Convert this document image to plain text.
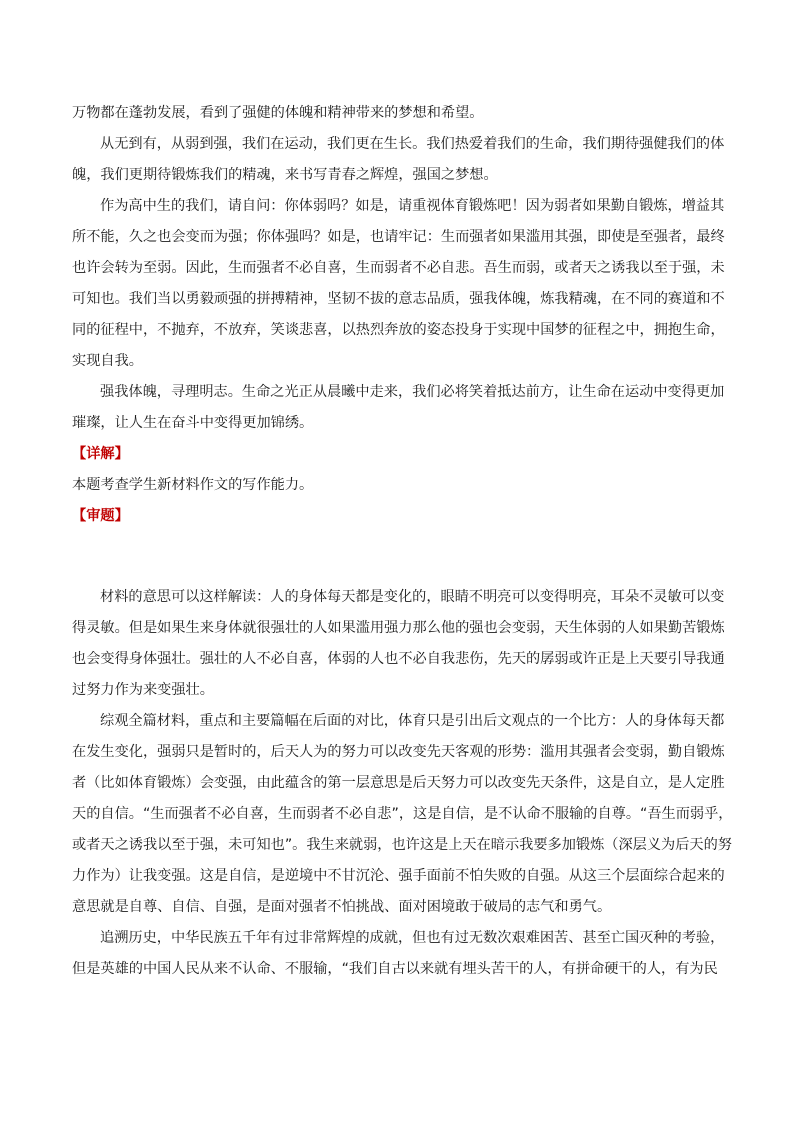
万物都在蓬勃发展，看到了强健的体魄和精神带来的梦想和希望。
从无到有，从弱到强，我们在运动，我们更在生长。我们热爱着我们的生命，我们期待强健我们的体
魄，我们更期待锻炼我们的精魂，来书写青春之辉煌，强国之梦想。
作为高中生的我们，请自问：你体弱吗？如是，请重视体育锻炼吧！因为弱者如果勤自锻炼，增益其
所不能，久之也会变而为强；你体强吗？如是，也请牢记：生而强者如果滥用其强，即使是至强者，最终
也许会转为至弱。因此，生而强者不必自喜，生而弱者不必自悲。吾生而弱，或者天之诱我以至于强，未
可知也。我们当以勇毅顽强的拼搏精神，坚韧不拔的意志品质，强我体魄，炼我精魂，在不同的赛道和不
同的征程中，不抛弃，不放弃，笑谈悲喜，以热烈奔放的姿态投身于实现中国梦的征程之中，拥抱生命，
实现自我。
强我体魄，寻理明志。生命之光正从晨曦中走来，我们必将笑着抵达前方，让生命在运动中变得更加
璀璨，让人生在奋斗中变得更加锦绣。
【详解】
本题考查学生新材料作文的写作能力。
【审题】
材料的意思可以这样解读：人的身体每天都是变化的，眼睛不明亮可以变得明亮，耳朵不灵敏可以变
得灵敏。但是如果生来身体就很强壮的人如果滥用强力那么他的强也会变弱，天生体弱的人如果勤苦锻炼
也会变得身体强壮。强壮的人不必自喜，体弱的人也不必自我悲伤，先天的孱弱或许正是上天要引导我通
过努力作为来变强壮。
综观全篇材料，重点和主要篇幅在后面的对比，体育只是引出后文观点的一个比方：人的身体每天都
在发生变化，强弱只是暂时的，后天人为的努力可以改变先天客观的形势：滥用其强者会变弱，勤自锻炼
者（比如体育锻炼）会变强，由此蕴含的第一层意思是后天努力可以改变先天条件，这是自立，是人定胜
天的自信。“生而强者不必自喜，生而弱者不必自悲”，这是自信，是不认命不服输的自尊。“吾生而弱乎，
或者天之诱我以至于强，未可知也”。我生来就弱，也许这是上天在暗示我要多加锻炼（深层义为后天的努
力作为）让我变强。这是自信，是逆境中不甘沉沦、强手面前不怕失败的自强。从这三个层面综合起来的
意思就是自尊、自信、自强，是面对强者不怕挑战、面对困境敢于破局的志气和勇气。
追溯历史，中华民族五千年有过非常辉煌的成就，但也有过无数次艰难困苦、甚至亡国灭种的考验，
但是英雄的中国人民从来不认命、不服输，“我们自古以来就有埋头苦干的人，有拼命硬干的人，有为民
